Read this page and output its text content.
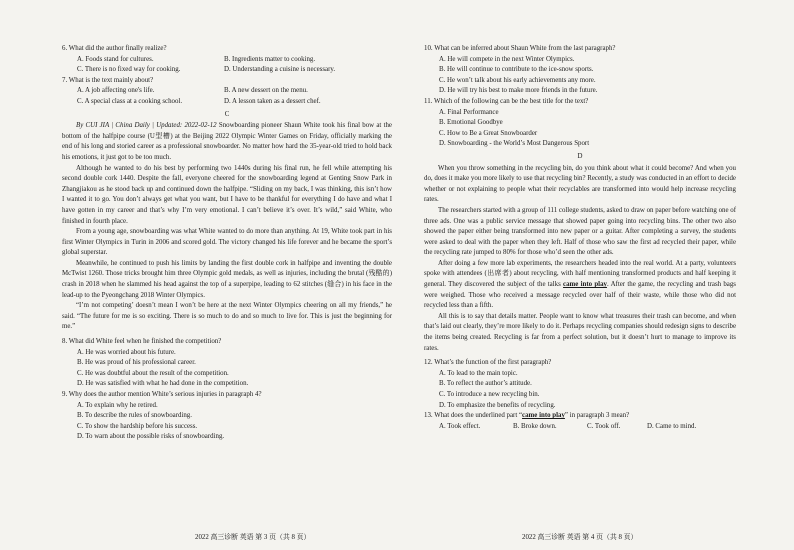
6. What did the author finally realize?

A. Foods stand for cultures.	B. Ingredients matter to cooking.
C. There is no fixed way for cooking.	D. Understanding a cuisine is necessary.

7. What is the text mainly about?

A. A job affecting one's life.	B. A new dessert on the menu.
C. A special class at a cooking school.	D. A lesson taken as a dessert chef.

C

By CUI JIA | China Daily | Updated: 2022-02-12 Snowboarding pioneer Shaun White took his final bow at the bottom of the halfpipe course (U型槽) at the Beijing 2022 Olympic Winter Games on Friday, officially marking the end of his long and storied career as a professional snowboarder. No matter how hard the 35-year-old tried to hold back his emotions, it just got to be too much.

Although he wanted to do his best by performing two 1440s during his final run, he fell while attempting his second double cork 1440. Despite the fall, everyone cheered for the snowboarding legend at Genting Snow Park in Zhangjiakou as he stood back up and continued down the halfpipe. “Sliding on my back, I was thinking, this isn’t how I wanted it to go. You don’t always get what you want, but I have to be thankful for everything I do have and what I have gotten in my career and that’s why I’m very emotional. I can’t believe it’s over. It’s wild,” said White, who finished in fourth place.

From a young age, snowboarding was what White wanted to do more than anything. At 19, White took part in his first Winter Olympics in Turin in 2006 and scored gold. The victory changed his life forever and he became the sport’s global superstar.

Meanwhile, he continued to push his limits by landing the first double cork in halfpipe and inventing the double McTwist 1260. Those tricks brought him three Olympic gold medals, as well as injuries, including the brutal (残酷的) crash in 2018 when he slammed his head against the top of a superpipe, leading to 62 stitches (缝合) in his face in the lead-up to the Pyeongchang 2018 Winter Olympics.

“I’m not competing’ doesn’t mean I won’t be here at the next Winter Olympics cheering on all my friends,” he said. “The future for me is so exciting. There is so much to do and so much to live for. This is just the beginning for me.”

8. What did White feel when he finished the competition?

A. He was worried about his future.

B. He was proud of his professional career.

C. He was doubtful about the result of the competition.

D. He was satisfied with what he had done in the competition.

9. Why does the author mention White’s serious injuries in paragraph 4?

A. To explain why he retired.

B. To describe the rules of snowboarding.

C. To show the hardship before his success.

D. To warn about the possible risks of snowboarding.

10. What can be inferred about Shaun White from the last paragraph?

A. He will compete in the next Winter Olympics.

B. He will continue to contribute to the ice-snow sports.

C. He won’t talk about his early achievements any more.

D. He will try his best to make more friends in the future.

11. Which of the following can be the best title for the text?

A. Final Performance

B. Emotional Goodbye

C. How to Be a Great Snowboarder

D. Snowboarding - the World’s Most Dangerous Sport

D

When you throw something in the recycling bin, do you think about what it could become? And when you do, does it make you more likely to use that recycling bin? Recently, a study was conducted in an effort to decide whether or not explaining to people what their recyclables are transformed into would help increase recycling rates.

The researchers started with a group of 111 college students, asked to draw on paper before watching one of three ads. One was a public service message that showed paper going into recycling bins. The other two also showed the paper either being transformed into new paper or a guitar. After completing a survey, the students were asked to deal with the paper when they left. Half of those who saw the first ad recycled their paper, while the recycling rate jumped to 80% for those who’d seen the other ads.

After doing a few more lab experiments, the researchers headed into the real world. At a party, volunteers spoke with attendees (出席者) about recycling, with half mentioning transformed products and half keeping it general. They discovered the subject of the talks came into play. After the game, the recycling and trash bags were weighed. Those who received a message recycled over half of their waste, while those who did not recycled less than a fifth.

All this is to say that details matter. People want to know what treasures their trash can become, and when that’s laid out clearly, they’re more likely to do it. Perhaps recycling companies should redesign signs to describe the items being created. Recycling is far from a perfect solution, but it doesn’t hurt to manage to improve its rates.

12. What’s the function of the first paragraph?

A. To lead to the main topic.

B. To reflect the author’s attitude.

C. To introduce a new recycling bin.

D. To emphasize the benefits of recycling.

13. What does the underlined part “came into play” in paragraph 3 mean?

A. Took effect.	B. Broke down.	C. Took off.	D. Came to mind.
2022 高三诊断 英语 第 3 页（共 8 页）	2022 高三诊断 英语 第 4 页（共 8 页）
